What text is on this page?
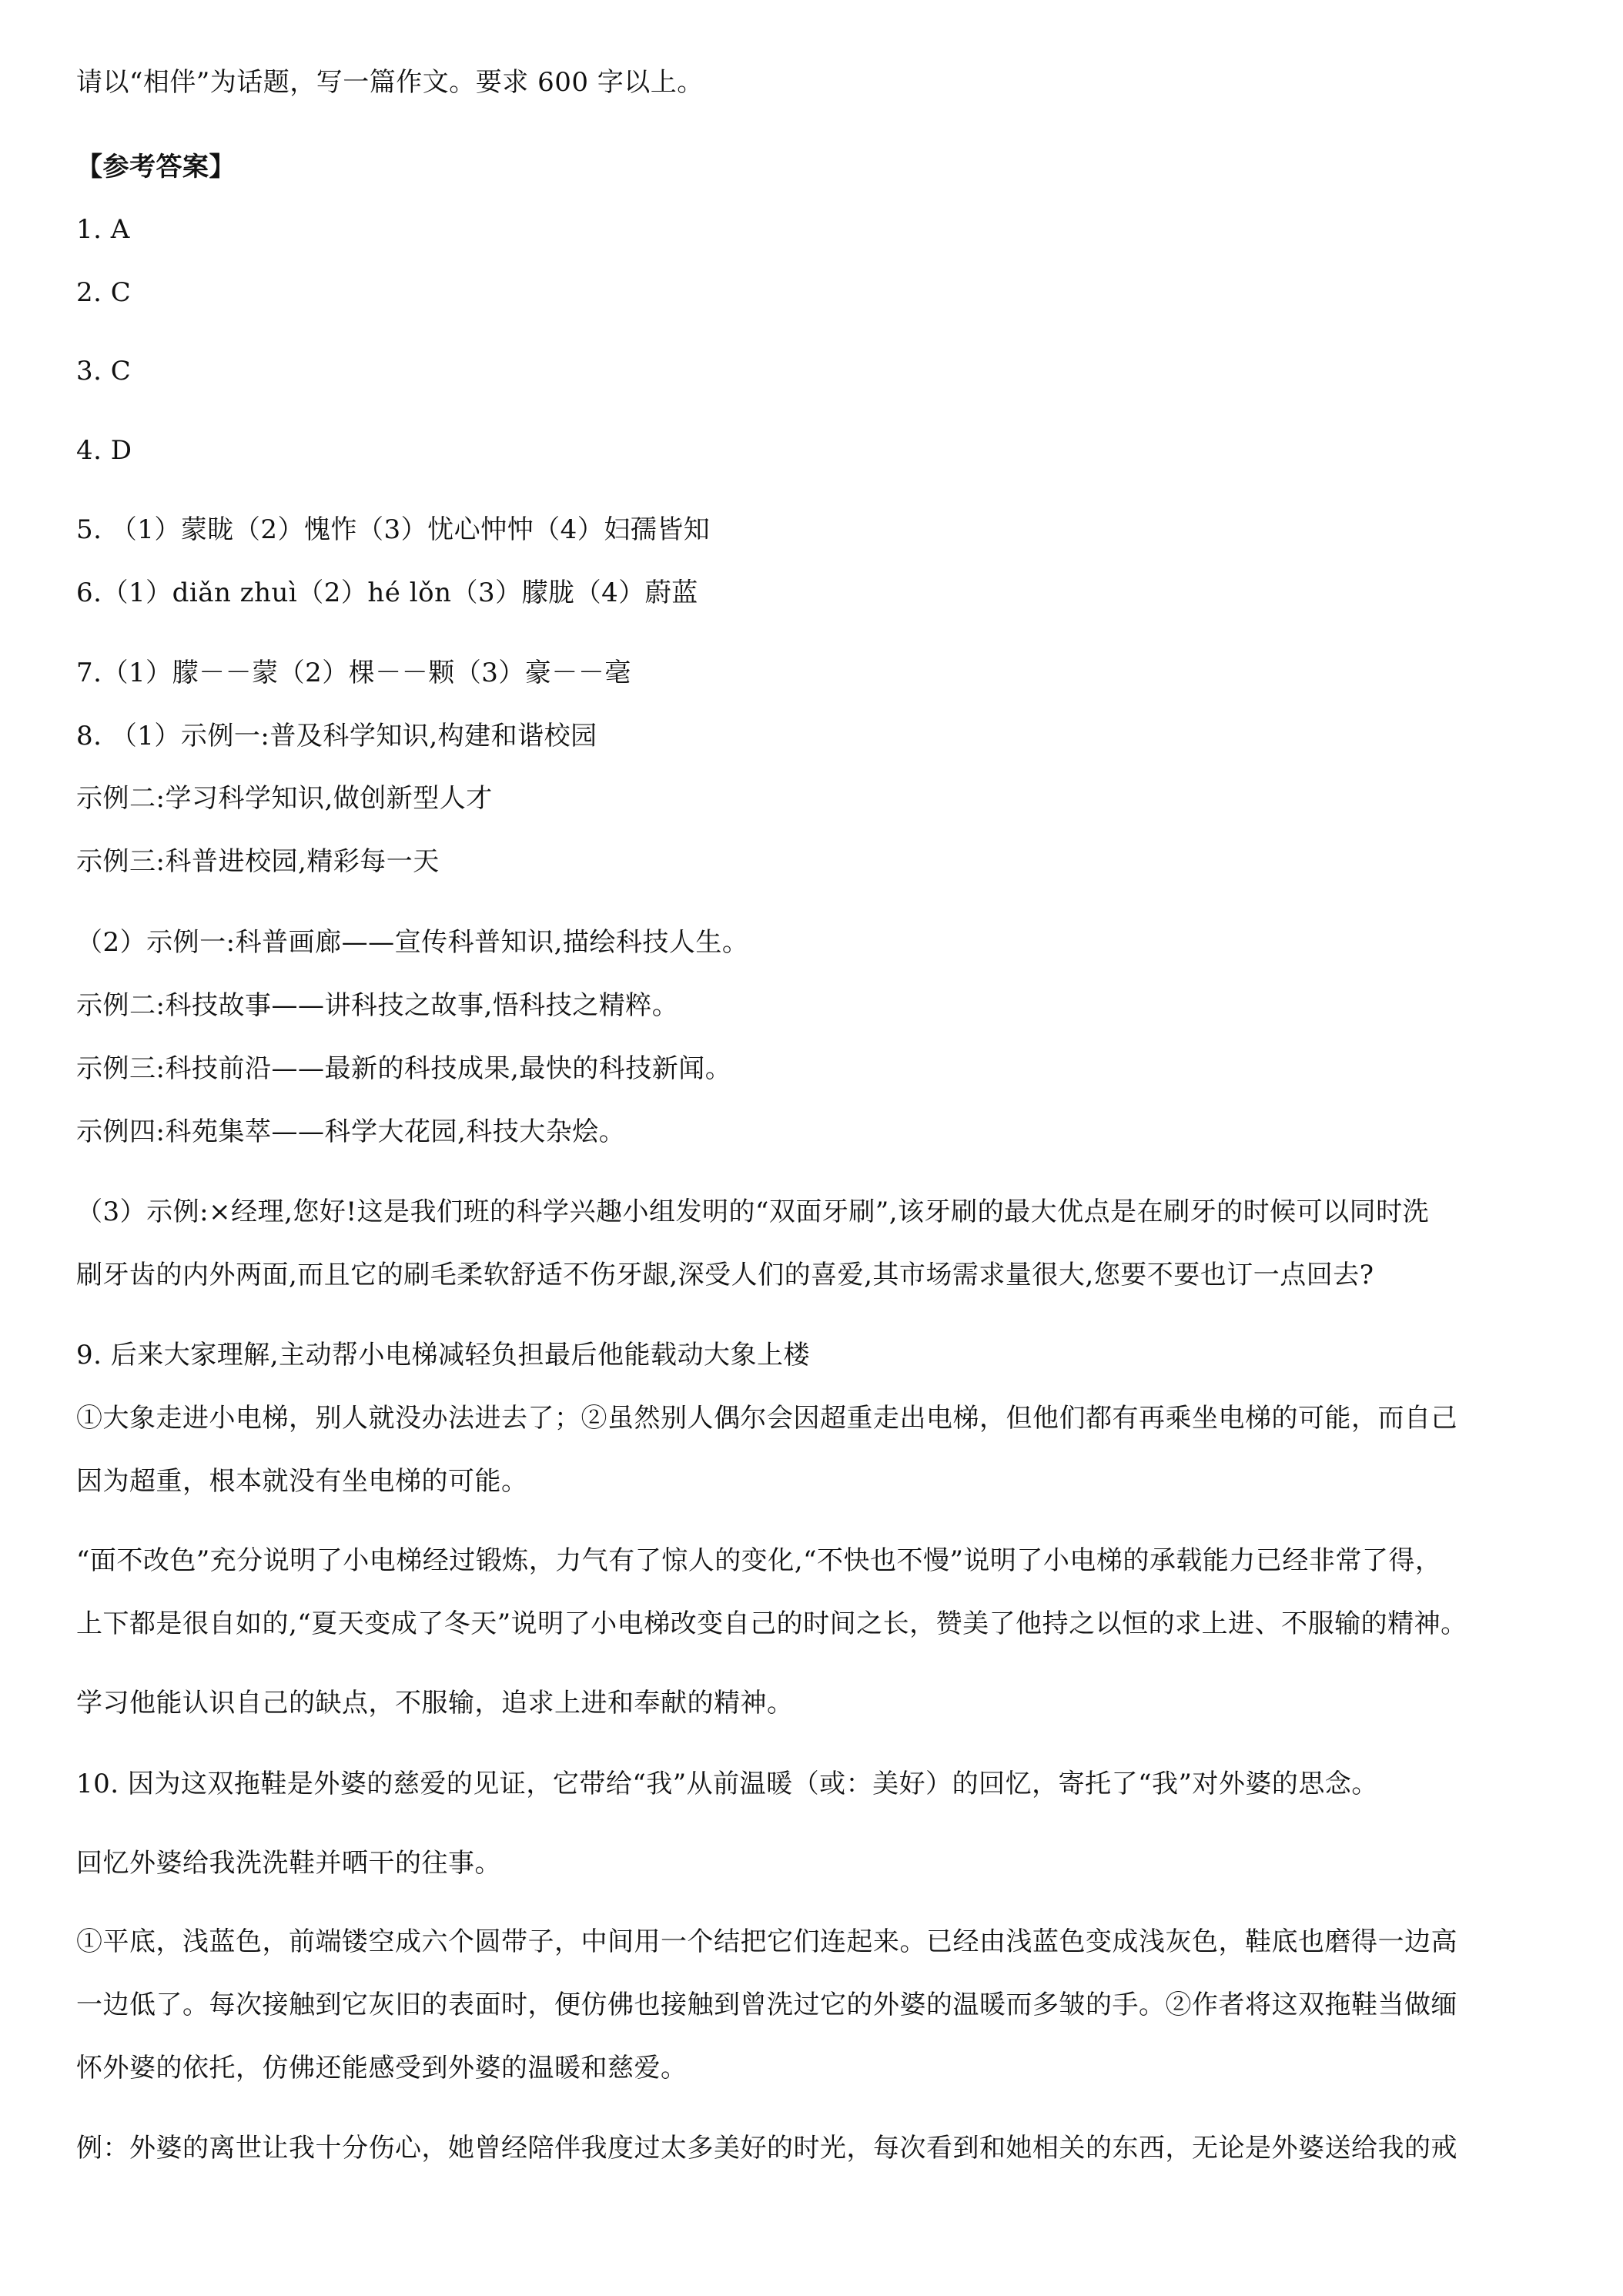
请以“相伴”为话题，写一篇作文。要求 600 字以上。

【参考答案】

1. A

2. C

3. C

4. D

5. （1）蒙眬（2）愧怍（3）忧心忡忡（4）妇孺皆知

6.（1）diǎn zhuì（2）hé lǒn（3）朦胧（4）蔚蓝

7.（1）朦－－蒙（2）棵－－颗（3）豪－－毫

8. （1）示例一:普及科学知识,构建和谐校园

示例二:学习科学知识,做创新型人才

示例三:科普进校园,精彩每一天

（2）示例一:科普画廊——宣传科普知识,描绘科技人生。

示例二:科技故事——讲科技之故事,悟科技之精粹。

示例三:科技前沿——最新的科技成果,最快的科技新闻。

示例四:科苑集萃——科学大花园,科技大杂烩。

（3）示例:×经理,您好!这是我们班的科学兴趣小组发明的“双面牙刷”,该牙刷的最大优点是在刷牙的时候可以同时洗

刷牙齿的内外两面,而且它的刷毛柔软舒适不伤牙龈,深受人们的喜爱,其市场需求量很大,您要不要也订一点回去?

9. 后来大家理解,主动帮小电梯减轻负担最后他能载动大象上楼

①大象走进小电梯，别人就没办法进去了；②虽然别人偶尔会因超重走出电梯，但他们都有再乘坐电梯的可能，而自己

因为超重，根本就没有坐电梯的可能。

“面不改色”充分说明了小电梯经过锻炼，力气有了惊人的变化,“不快也不慢”说明了小电梯的承载能力已经非常了得，

上下都是很自如的,“夏天变成了冬天”说明了小电梯改变自己的时间之长，赞美了他持之以恒的求上进、不服输的精神。

学习他能认识自己的缺点，不服输，追求上进和奉献的精神。

10. 因为这双拖鞋是外婆的慈爱的见证，它带给“我”从前温暖（或：美好）的回忆，寄托了“我”对外婆的思念。

回忆外婆给我洗洗鞋并晒干的往事。

①平底，浅蓝色，前端镂空成六个圆带子，中间用一个结把它们连起来。已经由浅蓝色变成浅灰色，鞋底也磨得一边高

一边低了。每次接触到它灰旧的表面时，便仿佛也接触到曾洗过它的外婆的温暖而多皱的手。②作者将这双拖鞋当做缅

怀外婆的依托，仿佛还能感受到外婆的温暖和慈爱。

例：外婆的离世让我十分伤心，她曾经陪伴我度过太多美好的时光，每次看到和她相关的东西，无论是外婆送给我的戒
